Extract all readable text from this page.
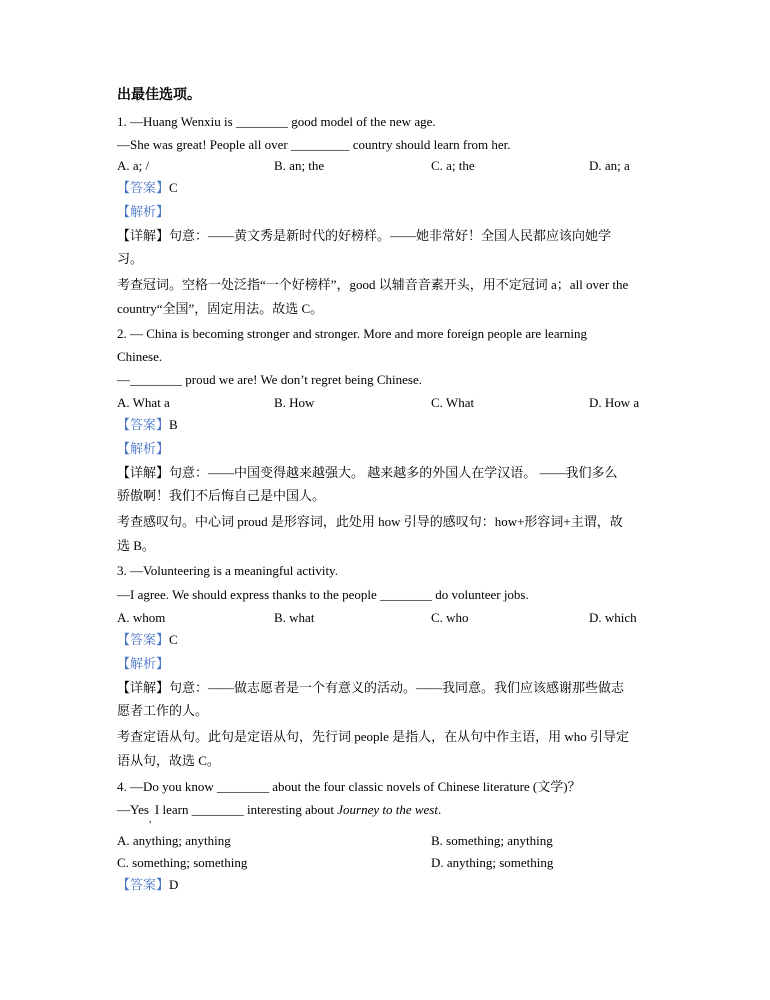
出最佳选项。
1. —Huang Wenxiu is ________ good model of the new age.
—She was great! People all over _________ country should learn from her.
A. a; /	B. an; the	C. a; the	D. an; a
【答案】C
【解析】
【详解】句意：——黄文秀是新时代的好榜样。——她非常好！全国人民都应该向她学
习。
考查冠词。空格一处泛指“一个好榜样”，good 以辅音音素开头，用不定冠词 a；all over the
country“全国”，固定用法。故选 C。
2. — China is becoming stronger and stronger. More and more foreign people are learning
Chinese.
—________ proud we are! We don’t regret being Chinese.
A. What a	B. How	C. What	D. How a
【答案】B
【解析】
【详解】句意：——中国变得越来越强大。 越来越多的外国人在学汉语。 ——我们多么
骄傲啊！我们不后悔自己是中国人。
考查感叹句。中心词 proud 是形容词，此处用 how 引导的感叹句：how+形容词+主谓，故
选 B。
3. —Volunteering is a meaningful activity.
—I agree. We should express thanks to the people ________ do volunteer jobs.
A. whom	B. what	C. who	D. which
【答案】C
【解析】
【详解】句意：——做志愿者是一个有意义的活动。——我同意。我们应该感谢那些做志
愿者工作的人。
考查定语从句。此句是定语从句，先行词 people 是指人，在从句中作主语，用 who 引导定
语从句，故选 C。
4. —Do you know ________ about the four classic novels of Chinese literature (文学)？
—Yes$_,$ I learn ________ interesting about Journey to the west.
A. anything; anything	B. something; anything
C. something; something	D. anything; something
【答案】D
